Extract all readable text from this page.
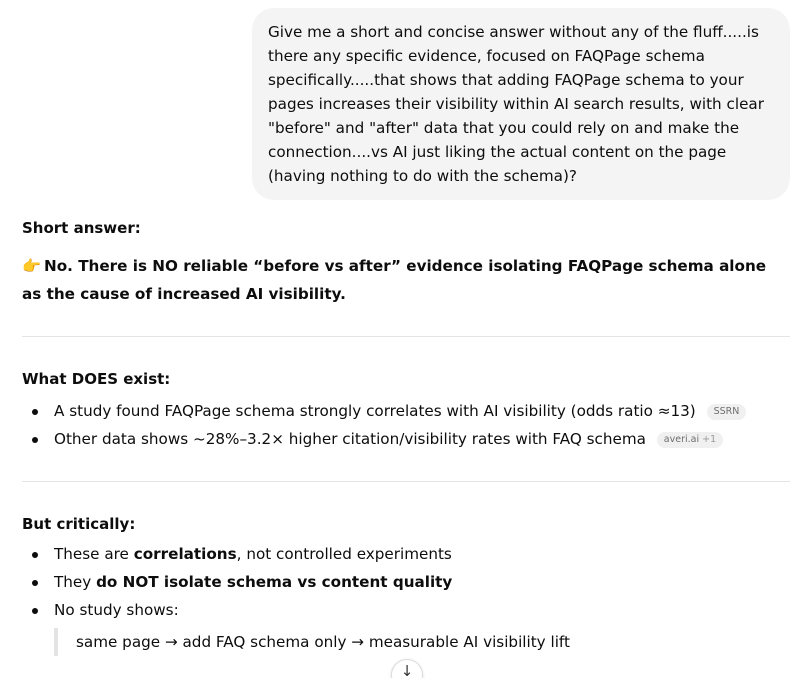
Give me a short and concise answer without any of the fluff.....is there any specific evidence, focused on FAQPage schema specifically.....that shows that adding FAQPage schema to your pages increases their visibility within AI search results, with clear "before" and "after" data that you could rely on and make the connection....vs AI just liking the actual content on the page (having nothing to do with the schema)?

Short answer:

👉 No. There is NO reliable “before vs after” evidence isolating FAQPage schema alone as the cause of increased AI visibility.

What DOES exist:

A study found FAQPage schema strongly correlates with AI visibility (odds ratio ≈13) SSRN
Other data shows ~28%–3.2× higher citation/visibility rates with FAQ schema averi.ai +1

But critically:

These are correlations, not controlled experiments
They do NOT isolate schema vs content quality
No study shows:
same page → add FAQ schema only → measurable AI visibility lift
↓
